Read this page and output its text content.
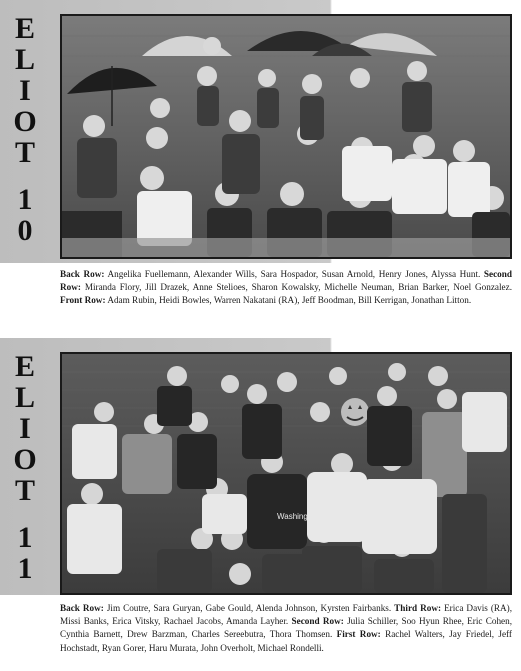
E
L
I
O
T
1
0
Back Row: Angelika Fuellemann, Alexander Wills, Sara Hospador, Susan Arnold, Henry Jones, Alyssa Hunt. Second Row: Miranda Flory, Jill Drazek, Anne Stelioes, Sharon Kowalsky, Michelle Neuman, Brian Barker, Noel Gonzalez. Front Row: Adam Rubin, Heidi Bowles, Warren Nakatani (RA), Jeff Boodman, Bill Kerrigan, Jonathan Litton.
E
L
I
O
T
1
1
Washington
Back Row: Jim Coutre, Sara Guryan, Gabe Gould, Alenda Johnson, Kyrsten Fairbanks. Third Row: Erica Davis (RA), Missi Banks, Erica Vitsky, Rachael Jacobs, Amanda Layher. Second Row: Julia Schiller, Soo Hyun Rhee, Eric Cohen, Cynthia Barnett, Drew Barzman, Charles Sereebutra, Thora Thomsen. First Row: Rachel Walters, Jay Friedel, Jeff Hochstadt, Ryan Gorer, Haru Murata, John Overholt, Michael Rondelli.
